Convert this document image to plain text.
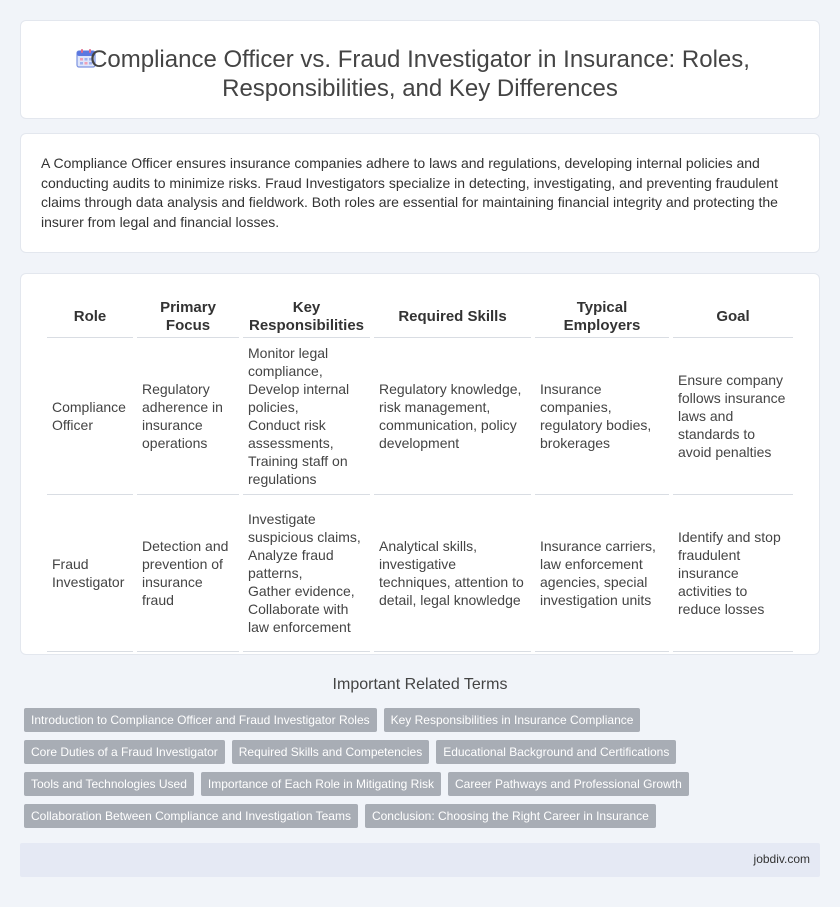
Compliance Officer vs. Fraud Investigator in Insurance: Roles,
Responsibilities, and Key Differences

A Compliance Officer ensures insurance companies adhere to laws and regulations, developing internal policies and conducting audits to minimize risks. Fraud Investigators specialize in detecting, investigating, and preventing fraudulent claims through data analysis and fieldwork. Both roles are essential for maintaining financial integrity and protecting the insurer from legal and financial losses.

Role	Primary Focus	Key Responsibilities	Required Skills	Typical Employers	Goal
Compliance Officer	Regulatory adherence in insurance operations	Monitor legal compliance,
Develop internal policies,
Conduct risk assessments,
Training staff on regulations	Regulatory knowledge, risk management, communication, policy development	Insurance companies, regulatory bodies, brokerages	Ensure company follows insurance laws and standards to avoid penalties
Fraud Investigator	Detection and prevention of insurance fraud	Investigate suspicious claims,
Analyze fraud patterns,
Gather evidence,
Collaborate with law enforcement	Analytical skills, investigative techniques, attention to detail, legal knowledge	Insurance carriers, law enforcement agencies, special investigation units	Identify and stop fraudulent insurance activities to reduce losses
Important Related Terms
Introduction to Compliance Officer and Fraud Investigator Roles	Key Responsibilities in Insurance Compliance
Core Duties of a Fraud Investigator	Required Skills and Competencies	Educational Background and Certifications
Tools and Technologies Used	Importance of Each Role in Mitigating Risk	Career Pathways and Professional Growth
Collaboration Between Compliance and Investigation Teams	Conclusion: Choosing the Right Career in Insurance
jobdiv.com
